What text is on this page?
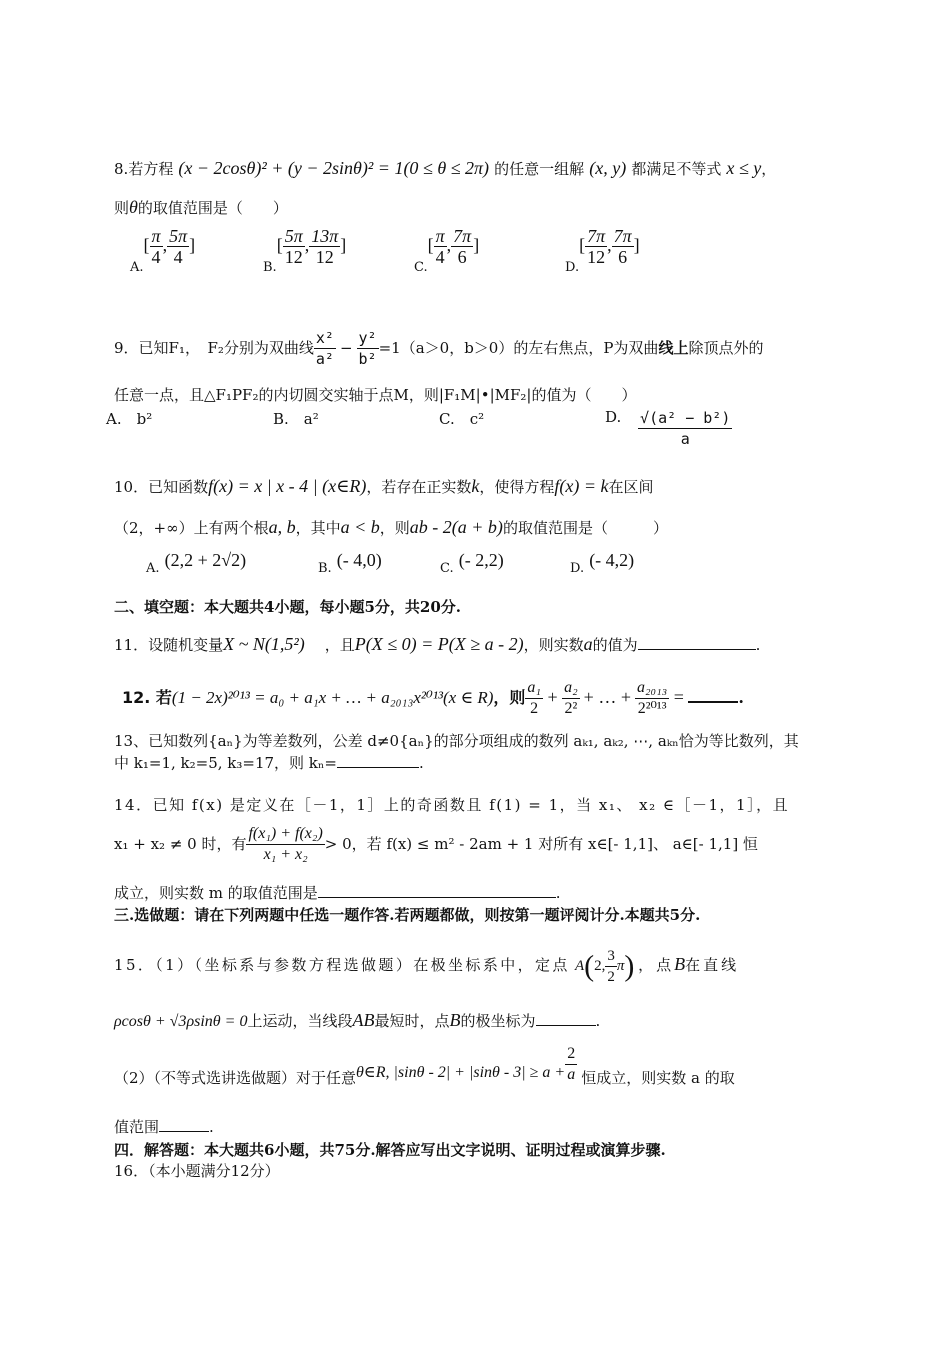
8.若方程 (x − 2cosθ)² + (y − 2sinθ)² = 1(0 ≤ θ ≤ 2π) 的任意一组解 (x, y) 都满足不等式 x ≤ y，
则θ的取值范围是（　　）
$_{A.}[ \frac{\pi}{4}$ , $\frac{5\pi}{4}$ ]
$_{B.}[ \frac{5\pi}{12}$ , $\frac{13\pi}{12}$ ]
$_{C.}[ \frac{\pi}{4}$ , $\frac{7\pi}{6}$ ]
$_{D.}[ \frac{7\pi}{12}$ , $\frac{7\pi}{6}$ ]
9．已知F₁，　F₂分别为双曲线 $\frac{\text{x²}}{\text{a²}} - \frac{\text{y²}}{\text{b²}} =1(a>0$，b＞0）的左右焦点，P为双曲线上除顶点外的
任意一点，且△F₁PF₂的内切圆交实轴于点M，则|F₁M|•|MF₂|的值为（　　）
A.　b²	B.　a²	C.　c²	D. $\frac{\text{√(a² − b²)}}{a}$
10．已知函数f(x) = x | x - 4 | (x∈R)，若存在正实数k，使得方程f(x) = k在区间
（2，+∞）上有两个根a, b，其中a < b，则ab - 2(a + b)的取值范围是（　　　）
A. (2,2 + 2√2)	B. (- 4,0)	C. (- 2,2)	D. (- 4,2)
二、填空题：本大题共4小题，每小题5分，共20分.
11．设随机变量X ~ N(1,5²) ，且P(X ≤ 0) = P(X ≥ a - 2)，则实数a的值为	.
12. 若(1 − 2x)²⁰¹³ = a₀ + a₁x + … + a₂₀₁₃x²⁰¹³(x ∈ R)，则 $\frac{\text{a₁}}{2} + \frac{\text{a₂}}{\text{2²}}$ + … + $\frac{\text{a₂₀₁₃}}{\text{2²⁰¹³}}$ =	.
13、已知数列{aₙ}为等差数列，公差 d≠0{aₙ}的部分项组成的数列 aₖ₁, aₖ₂, ⋯, aₖₙ恰为等比数列，其
中 k₁=1, k₂=5, k₃=17，则 kₙ=	.
14．已知 f(x) 是定义在［－1，1］上的奇函数且 f(1) = 1，当 x₁、 x₂ ∈［－1，1］，且
x₁ + x₂ ≠ 0 时，有 $\frac{\text{f(x₁) + f(x₂)}}{\text{x₁ + x₂}} > 0$，若 f(x) ≤ m² - 2am + 1 对所有 x∈[- 1,1]、 a∈[- 1,1] 恒
成立，则实数 m 的取值范围是	.
三.选做题：请在下列两题中任选一题作答.若两题都做，则按第一题评阅计分.本题共5分.
15．（1）（坐标系与参数方程选做题）在极坐标系中，定点 A(2, $\frac{3}{2} \pi$) ，点B在直线
ρcosθ + √3ρsinθ = 0上运动，当线段AB最短时，点B的极坐标为	.
（2）（不等式选讲选做题）对于任意θ∈R, $|\sin\theta - 2| + |\sin\theta - 3| \ge a + \frac{2}{a}$ 恒成立，则实数 a 的取
值范围	.
四．解答题：本大题共6小题，共75分.解答应写出文字说明、证明过程或演算步骤.
16．（本小题满分12分）
